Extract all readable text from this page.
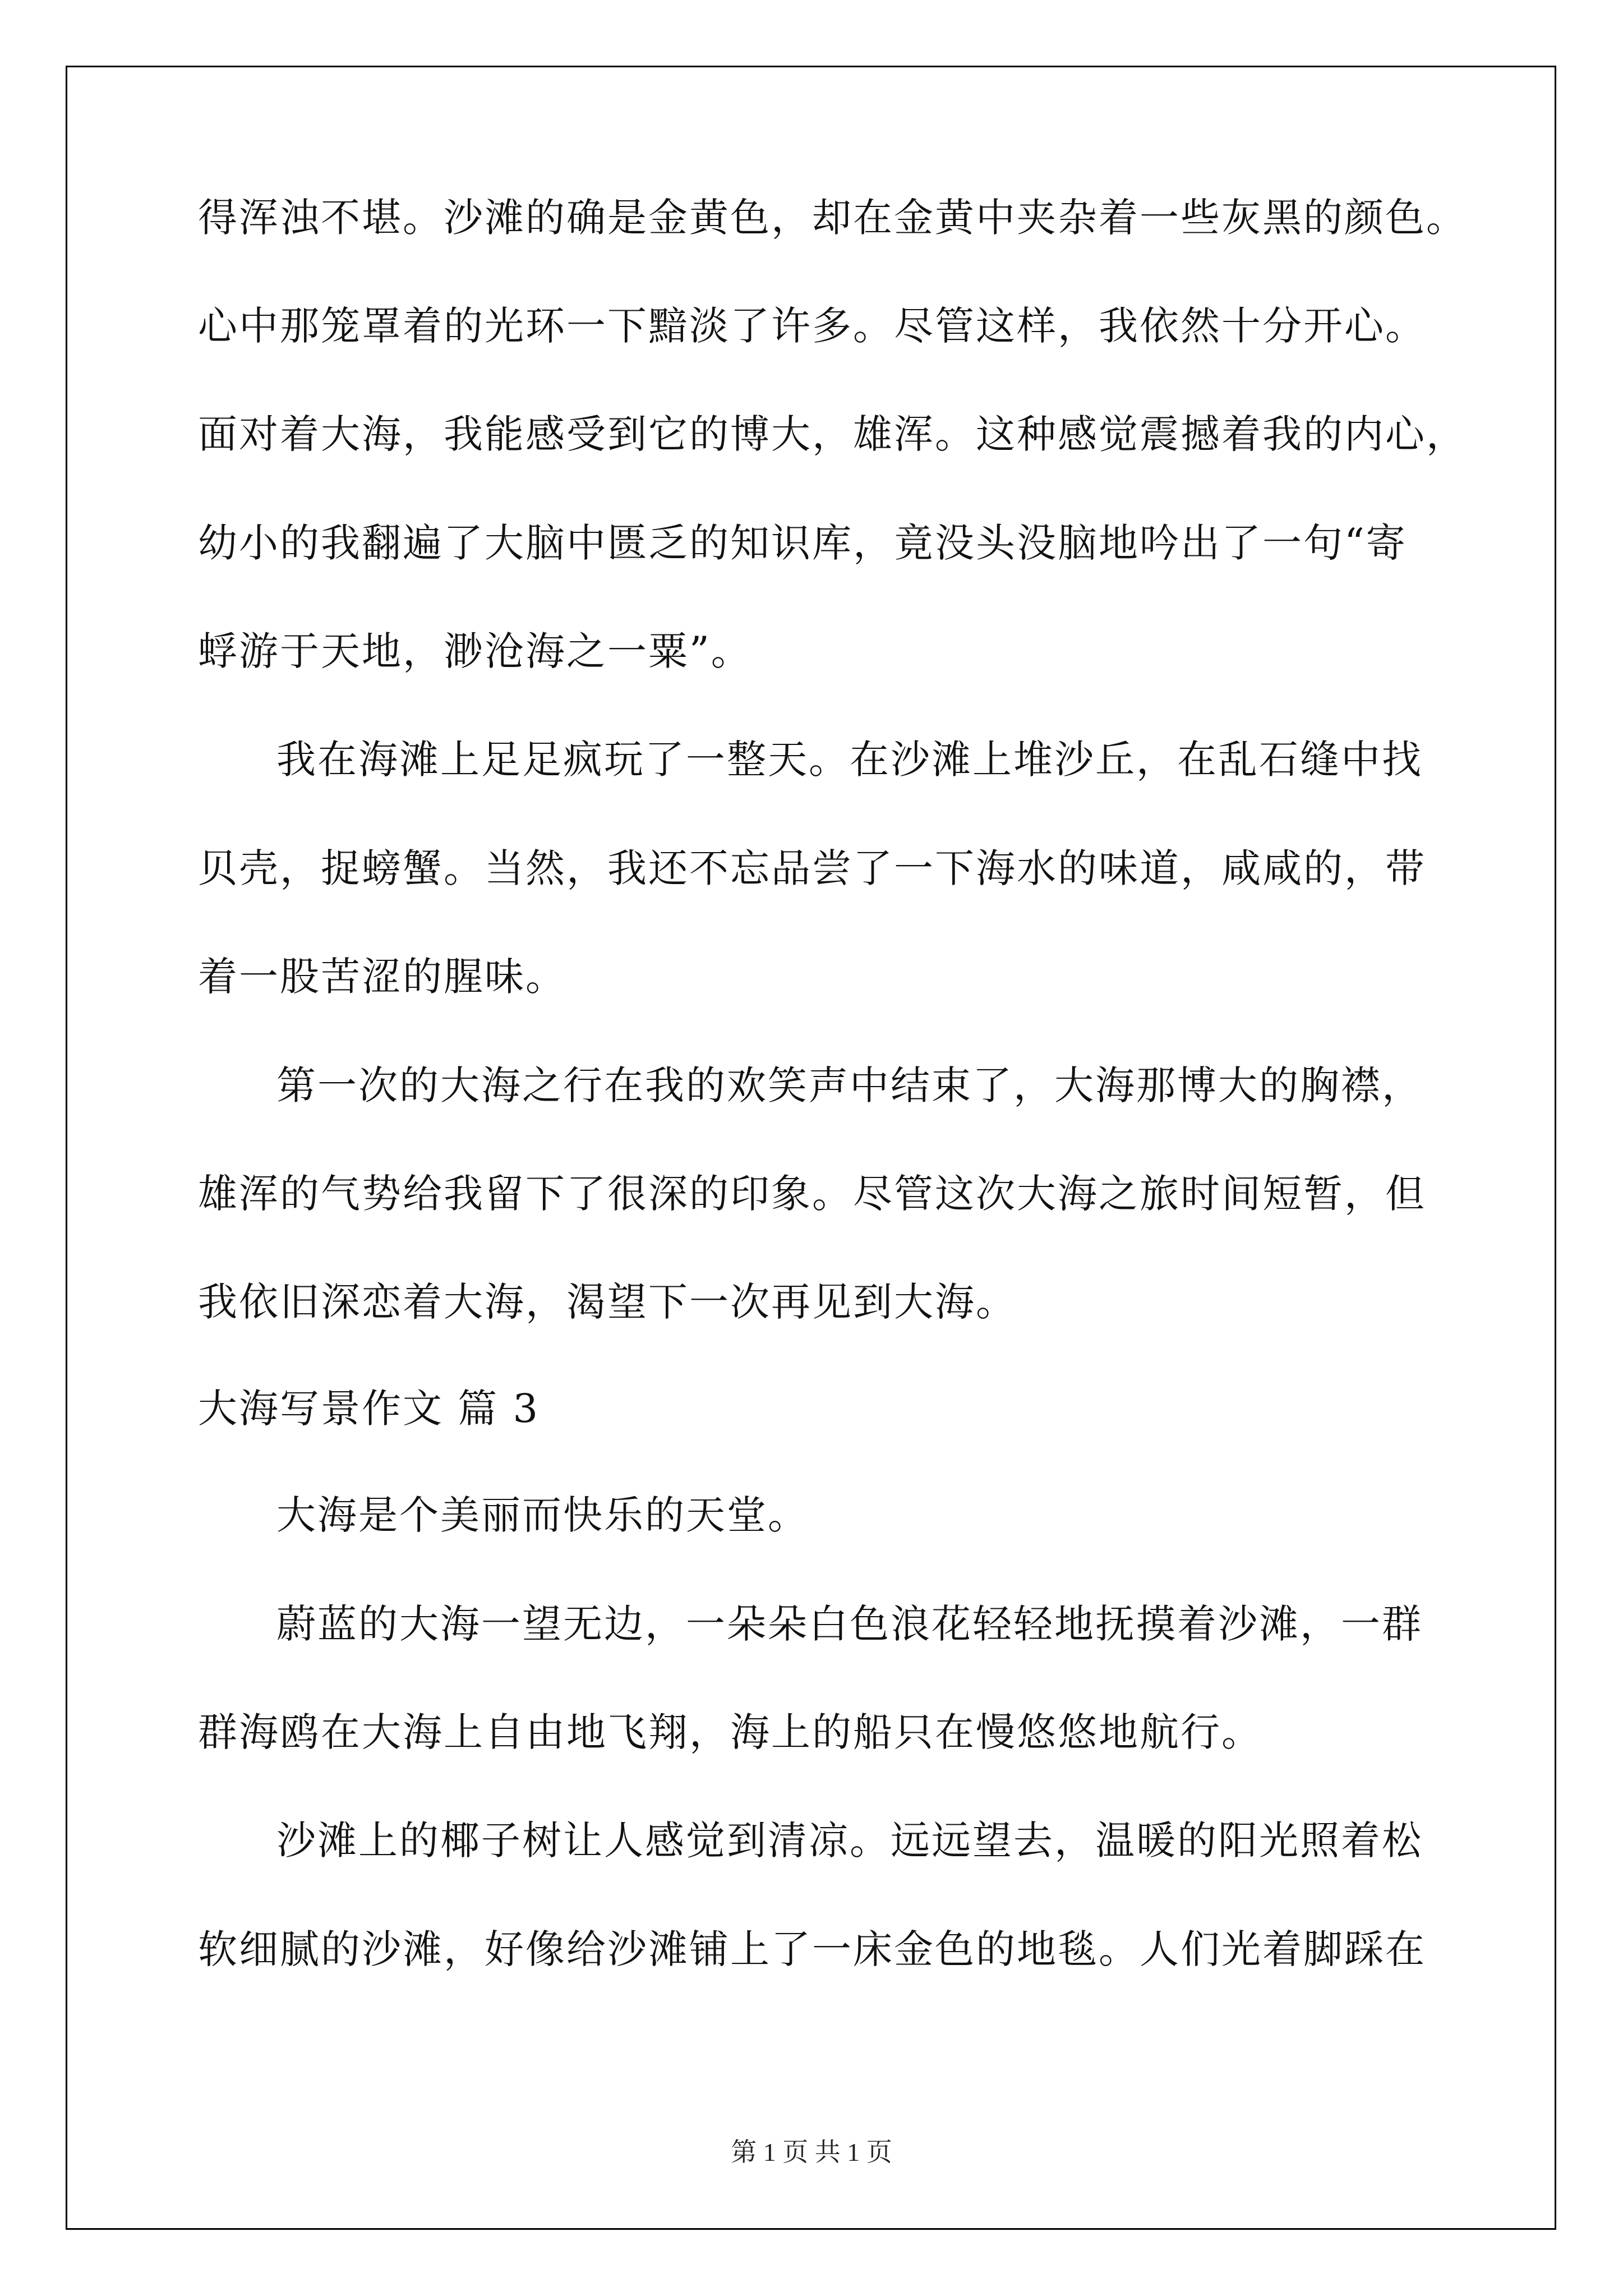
得浑浊不堪。沙滩的确是金黄色，却在金黄中夹杂着一些灰黑的颜色。
心中那笼罩着的光环一下黯淡了许多。尽管这样，我依然十分开心。
面对着大海，我能感受到它的博大，雄浑。这种感觉震撼着我的内心，
幼小的我翻遍了大脑中匮乏的知识库，竟没头没脑地吟出了一句“寄
蜉游于天地，渺沧海之一粟”。
我在海滩上足足疯玩了一整天。在沙滩上堆沙丘，在乱石缝中找
贝壳，捉螃蟹。当然，我还不忘品尝了一下海水的味道，咸咸的，带
着一股苦涩的腥味。
第一次的大海之行在我的欢笑声中结束了，大海那博大的胸襟，
雄浑的气势给我留下了很深的印象。尽管这次大海之旅时间短暂，但
我依旧深恋着大海，渴望下一次再见到大海。
大海写景作文 篇 3
大海是个美丽而快乐的天堂。
蔚蓝的大海一望无边，一朵朵白色浪花轻轻地抚摸着沙滩，一群
群海鸥在大海上自由地飞翔，海上的船只在慢悠悠地航行。
沙滩上的椰子树让人感觉到清凉。远远望去，温暖的阳光照着松
软细腻的沙滩，好像给沙滩铺上了一床金色的地毯。人们光着脚踩在
第 1 页 共 1 页
